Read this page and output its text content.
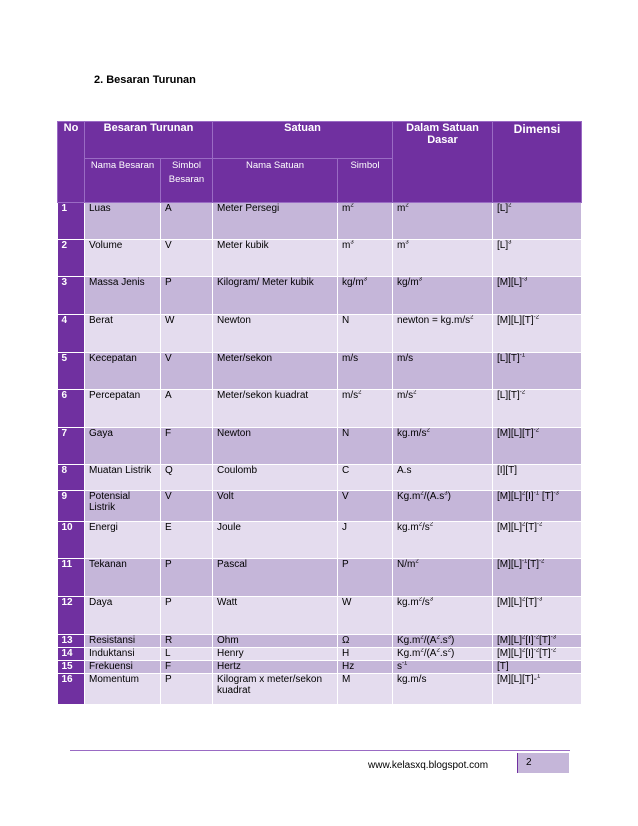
2. Besaran Turunan
No	Besaran Turunan		Satuan		Dalam Satuan Dasar	Dimensi
	Nama Besaran	Simbol Besaran	Nama Satuan	Simbol		
1	Luas	A	Meter Persegi	$m^2$	$m^2$	$[L]^2$
2	Volume	V	Meter kubik	$m^3$	$m^3$	$[L]^3$
3	Massa Jenis	P	Kilogram/ Meter kubik	$kg/m^3$	$kg/m^3$	$[M][L]^{-3}$
4	Berat	W	Newton	N	newton = $kg.m/s^2$	$[M][L][T]^{-2}$
5	Kecepatan	V	Meter/sekon	m/s	m/s	$[L][T]^{-1}$
6	Percepatan	A	Meter/sekon kuadrat	$m/s^2$	$m/s^2$	$[L][T]^{-2}$
7	Gaya	F	Newton	N	$kg.m/s^2$	$[M][L][T]^{-2}$
8	Muatan Listrik	Q	Coulomb	C	A.s	[I][T]
9	Potensial Listrik	V	Volt	V	$Kg.m^2/(A.s^3)$	$[M][L]^2[I]^{-1}$ $[T]^{-3}$
10	Energi	E	Joule	J	$kg.m^2/s^2$	$[M][L]^2[T]^{-2}$
11	Tekanan	P	Pascal	P	$N/m^2$	$[M][L]^{-1}[T]^{-2}$
12	Daya	P	Watt	W	$kg.m^2/s^3$	$[M][L]^2[T]^{-3}$
13	Resistansi	R	Ohm	Ω	$Kg.m^2/(A^2.s^3)$	$[M][L]^2[I]^{-2}[T]^{-3}$
14	Induktansi	L	Henry	H	$Kg.m^2/(A^2.s^2)$	$[M][L]^2[I]^{-2}[T]^{-2}$
15	Frekuensi	F	Hertz	Hz	$s^{-1}$	[T]
16	Momentum	P	Kilogram x meter/sekon kuadrat	M	kg.m/s	[M][L][T]-$^1$
www.kelasxq.blogspot.com	2
